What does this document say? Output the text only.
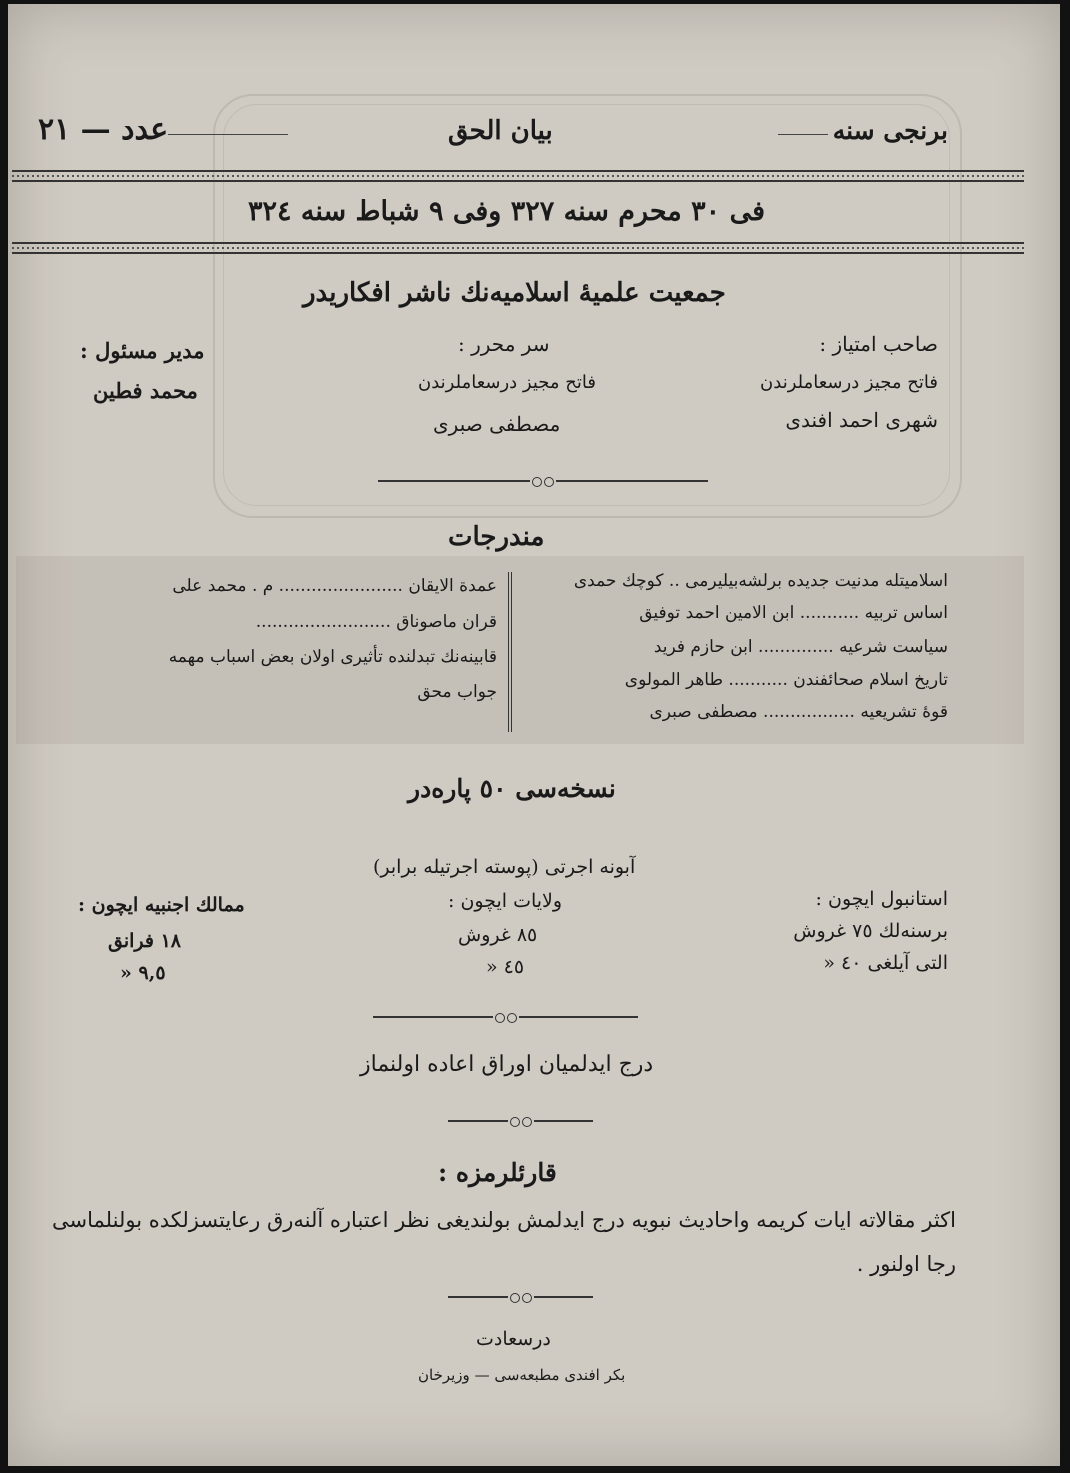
برنجى سنه
بيان الحق
عدد — ٢١
فى ٣٠ محرم سنه ٣٢٧ وفى ٩ شباط سنه ٣٢٤
جمعيت علميهٔ اسلاميه‌نك ناشر افكاريدر
صاحب امتياز :
فاتح مجيز درسعاملرندن
شهرى احمد افندى
سر محرر :
فاتح مجيز درسعاملرندن
مصطفى صبرى
مدير مسئول :
محمد فطين
مندرجات
اسلاميتله مدنيت جديده برلشه‌بيليرمى .. كوچك حمدى
اساس تربيه ........... ابن الامين احمد توفيق
سياست شرعيه .............. ابن حازم فريد
تاريخ اسلام صحائفندن ........... طاهر المولوى
قوهٔ تشريعيه ................. مصطفى صبرى
عمدة الايقان ....................... م . محمد على
قران ماصوناق .........................
قابينه‌نك تبدلنده تأثيرى اولان بعض اسباب مهمه
جواب محق
نسخه‌سى ٥٠ پاره‌در
آبونه اجرتى (پوسته اجرتيله برابر)
استانبول ايچون :
برسنه‌لك ٧٥ غروش
التى آيلغى ٤٠ «
ولايات ايچون :
٨٥ غروش
٤٥ «
ممالك اجنبيه ايچون :
١٨ فرانق
٩,٥ «
درج ايدلميان اوراق اعاده اولنماز
قارئلرمزه :
اكثر مقالاته ايات كريمه واحاديث نبويه درج ايدلمش بولنديغى نظر اعتباره آلنه‌رق رعايتسزلكده بولنلماسى
رجا اولنور .
درسعادت
بكر افندى مطبعه‌سى — وزيرخان
